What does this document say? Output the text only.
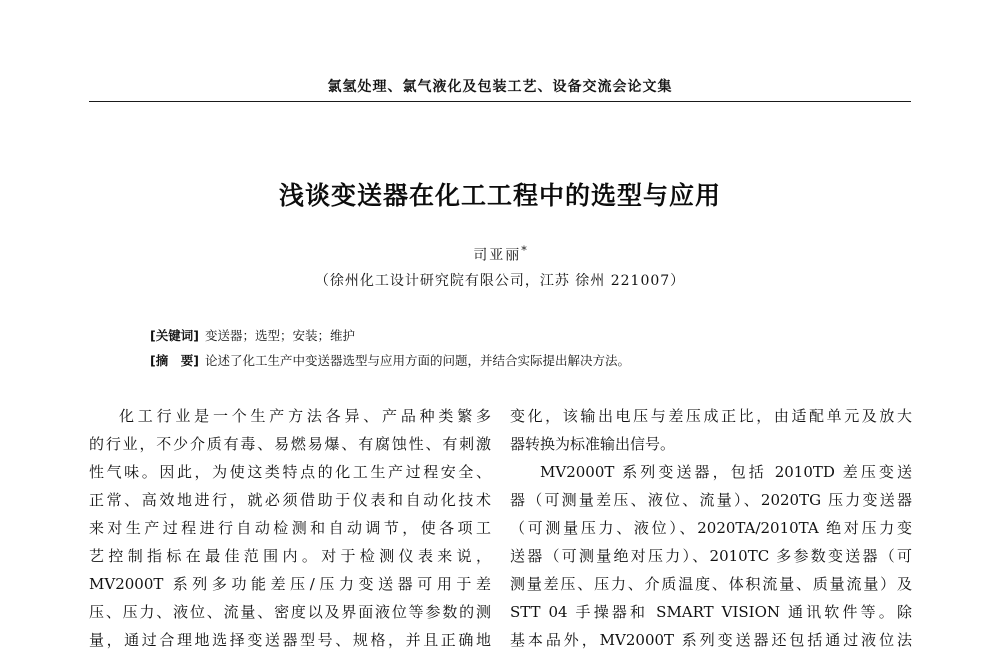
氯氢处理、氯气液化及包装工艺、设备交流会论文集
浅谈变送器在化工工程中的选型与应用
司亚丽*
（徐州化工设计研究院有限公司，江苏 徐州 221007）
[关键词] 变送器；选型；安装；维护
[摘　要] 论述了化工生产中变送器选型与应用方面的问题，并结合实际提出解决方法。
化工行业是一个生产方法各异、产品种类繁多
的行业，不少介质有毒、易燃易爆、有腐蚀性、有刺激
性气味。因此，为使这类特点的化工生产过程安全、
正常、高效地进行，就必须借助于仪表和自动化技术
来对生产过程进行自动检测和自动调节，使各项工
艺控制指标在最佳范围内。对于检测仪表来说，
MV2000T 系列多功能差压/压力变送器可用于差
压、压力、液位、流量、密度以及界面液位等参数的测
量，通过合理地选择变送器型号、规格，并且正确地
变化，该输出电压与差压成正比，由适配单元及放大
器转换为标准输出信号。
MV2000T 系列变送器，包括 2010TD 差压变送
器（可测量差压、液位、流量）、2020TG 压力变送器
（可测量压力、液位）、2020TA/2010TA 绝对压力变
送器（可测量绝对压力）、2010TC 多参数变送器（可
测量差压、压力、介质温度、体积流量、质量流量）及
STT 04 手操器和 SMART VISION 通讯软件等。除
基本品外，MV2000T 系列变送器还包括通过液位法
